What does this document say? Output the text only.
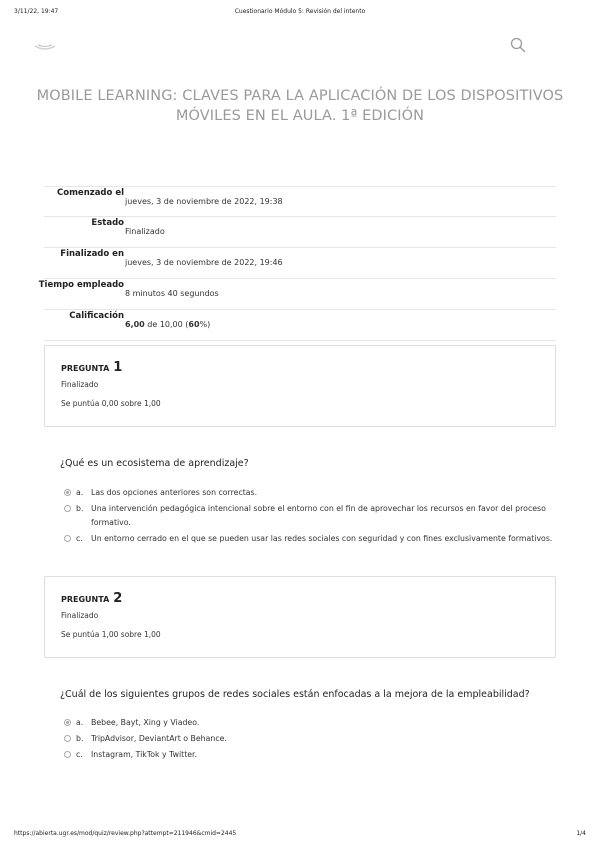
3/11/22, 19:47	Cuestionario Módulo 5: Revisión del intento
MOBILE LEARNING: CLAVES PARA LA APLICACIÓN DE LOS DISPOSITIVOS
MÓVILES EN EL AULA. 1ª EDICIÓN
Comenzado el
jueves, 3 de noviembre de 2022, 19:38
Estado
Finalizado
Finalizado en
jueves, 3 de noviembre de 2022, 19:46
Tiempo empleado
8 minutos 40 segundos
Calificación
6,00 de 10,00 (60%)
PREGUNTA 1
Finalizado
Se puntúa 0,00 sobre 1,00
¿Qué es un ecosistema de aprendizaje?
a. Las dos opciones anteriores son correctas.
b. Una intervención pedagógica intencional sobre el entorno con el fin de aprovechar los recursos en favor del proceso formativo.
c. Un entorno cerrado en el que se pueden usar las redes sociales con seguridad y con fines exclusivamente formativos.
PREGUNTA 2
Finalizado
Se puntúa 1,00 sobre 1,00
¿Cuál de los siguientes grupos de redes sociales están enfocadas a la mejora de la empleabilidad?
a. Bebee, Bayt, Xing y Viadeo.
b. TripAdvisor, DeviantArt o Behance.
c. Instagram, TikTok y Twitter.
https://abierta.ugr.es/mod/quiz/review.php?attempt=211946&cmid=2445	1/4
